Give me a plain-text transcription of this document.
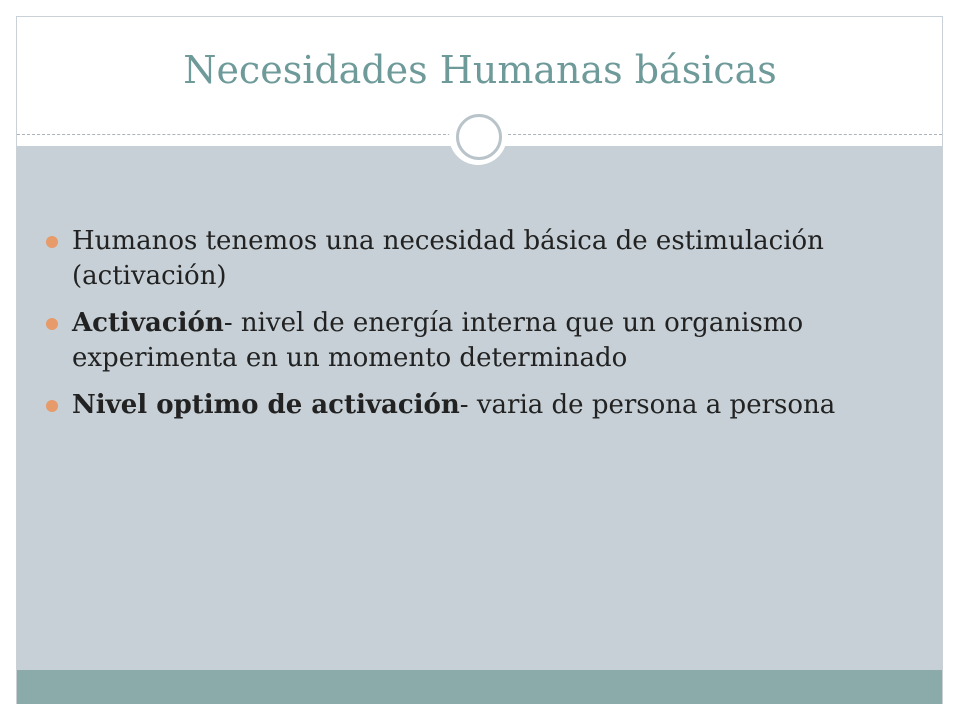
Necesidades Humanas básicas
Humanos tenemos una necesidad básica de estimulación (activación)
Activación- nivel de energía interna que un organismo experimenta en un momento determinado
Nivel optimo de activación- varia de persona a persona
